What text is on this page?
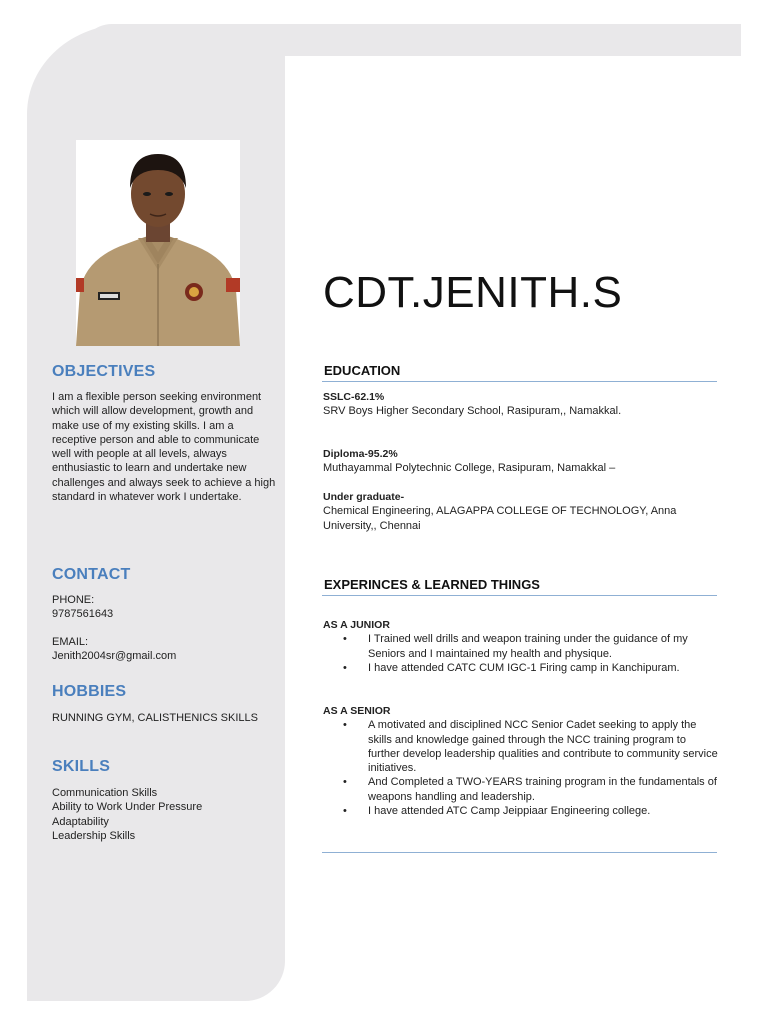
OBJECTIVES

I am a flexible person seeking environment which will allow development, growth and make use of my existing skills. I am a receptive person and able to communicate well with people at all levels, always enthusiastic to learn and undertake new challenges and always seek to achieve a high standard in whatever work I undertake.

CONTACT
PHONE:
9787561643
EMAIL:
Jenith2004sr@gmail.com
HOBBIES
RUNNING GYM, CALISTHENICS SKILLS
SKILLS
Communication Skills
Ability to Work Under Pressure
Adaptability
Leadership Skills
CDT.JENITH.S
EDUCATION
SSLC-62.1%
SRV Boys Higher Secondary School, Rasipuram,, Namakkal.
Diploma-95.2%
Muthayammal Polytechnic College, Rasipuram, Namakkal –
Under graduate-
Chemical Engineering, ALAGAPPA COLLEGE OF TECHNOLOGY, Anna University,, Chennai
EXPERINCES & LEARNED THINGS
AS A JUNIOR
• I Trained well drills and weapon training under the guidance of my Seniors and I maintained my health and physique.
• I have attended CATC CUM IGC-1 Firing camp in Kanchipuram.
AS A SENIOR
• A motivated and disciplined NCC Senior Cadet seeking to apply the skills and knowledge gained through the NCC training program to further develop leadership qualities and contribute to community service initiatives.
• And Completed a TWO-YEARS training program in the fundamentals of weapons handling and leadership.
• I have attended ATC Camp Jeippiaar Engineering college.
